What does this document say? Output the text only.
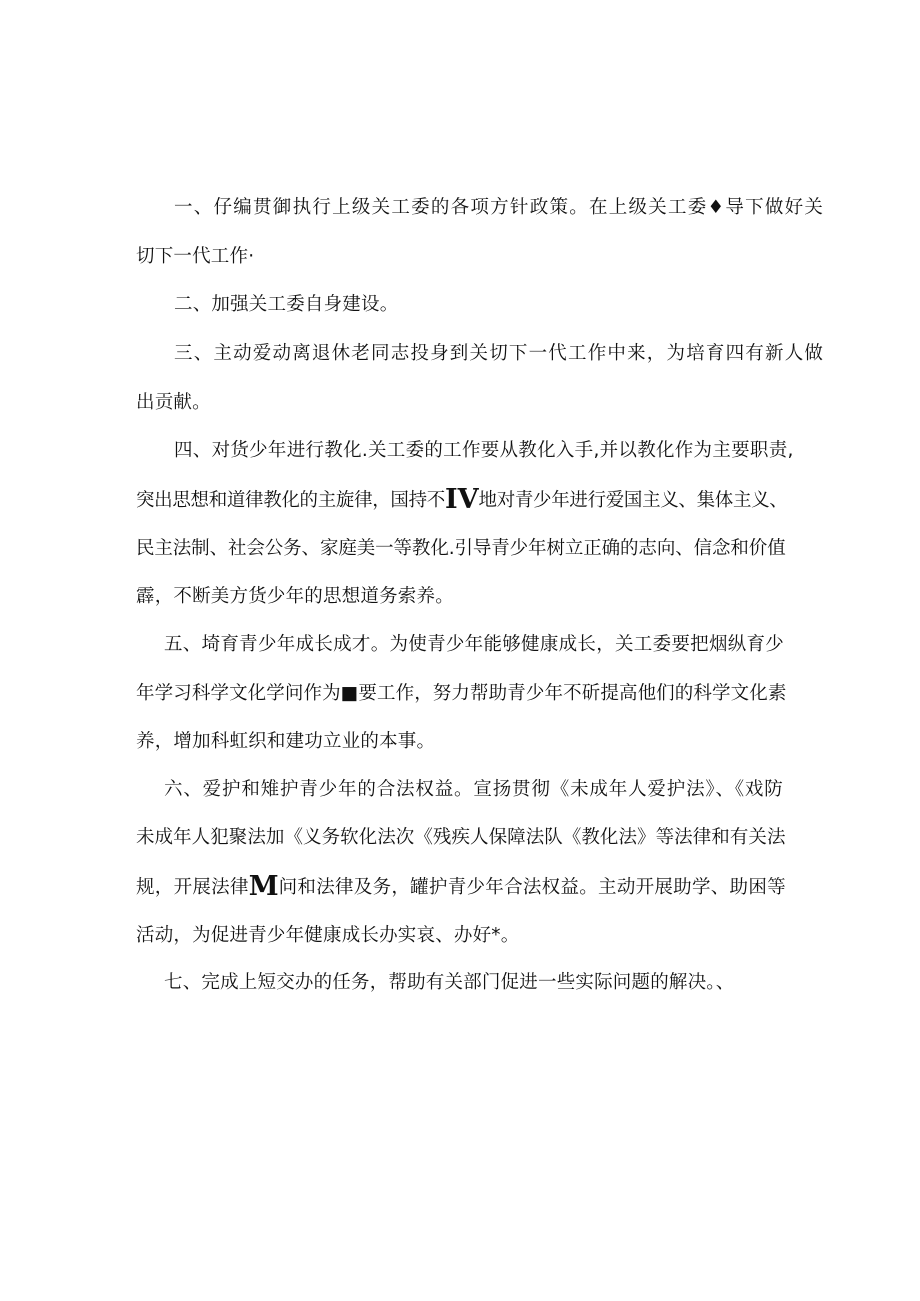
一、仔编贯御执行上级关工委的各项方针政策。在上级关工委♦导下做好关
切下一代工作·
二、加强关工委自身建设。
三、主动爱动离退休老同志投身到关切下一代工作中来，为培育四有新人做
出贡献。
四、对货少年进行教化.关工委的工作要从教化入手,并以教化作为主要职责,
突出思想和道律教化的主旋律，国持不IV地对青少年进行爱国主义、集体主义、
民主法制、社会公务、家庭美一等教化.引导青少年树立正确的志向、信念和价值
霹，不断美方货少年的思想道务索养。
五、埼育青少年成长成才。为使青少年能够健康成长，关工委要把烟纵育少
年学习科学文化学问作为■要工作，努力帮助青少年不斫提高他们的科学文化素
养，增加科虹织和建功立业的本事。
六、爱护和雉护青少年的合法权益。宣扬贯彻《未成年人爱护法》、《戏防
未成年人犯聚法加《义务软化法次《残疾人保障法队《教化法》等法律和有关法
规，开展法律M问和法律及务，罐护青少年合法权益。主动开展助学、助困等
活动，为促进青少年健康成长办实哀、办好*。
七、完成上短交办的任务，帮助有关部门促进一些实际问题的解决。、
